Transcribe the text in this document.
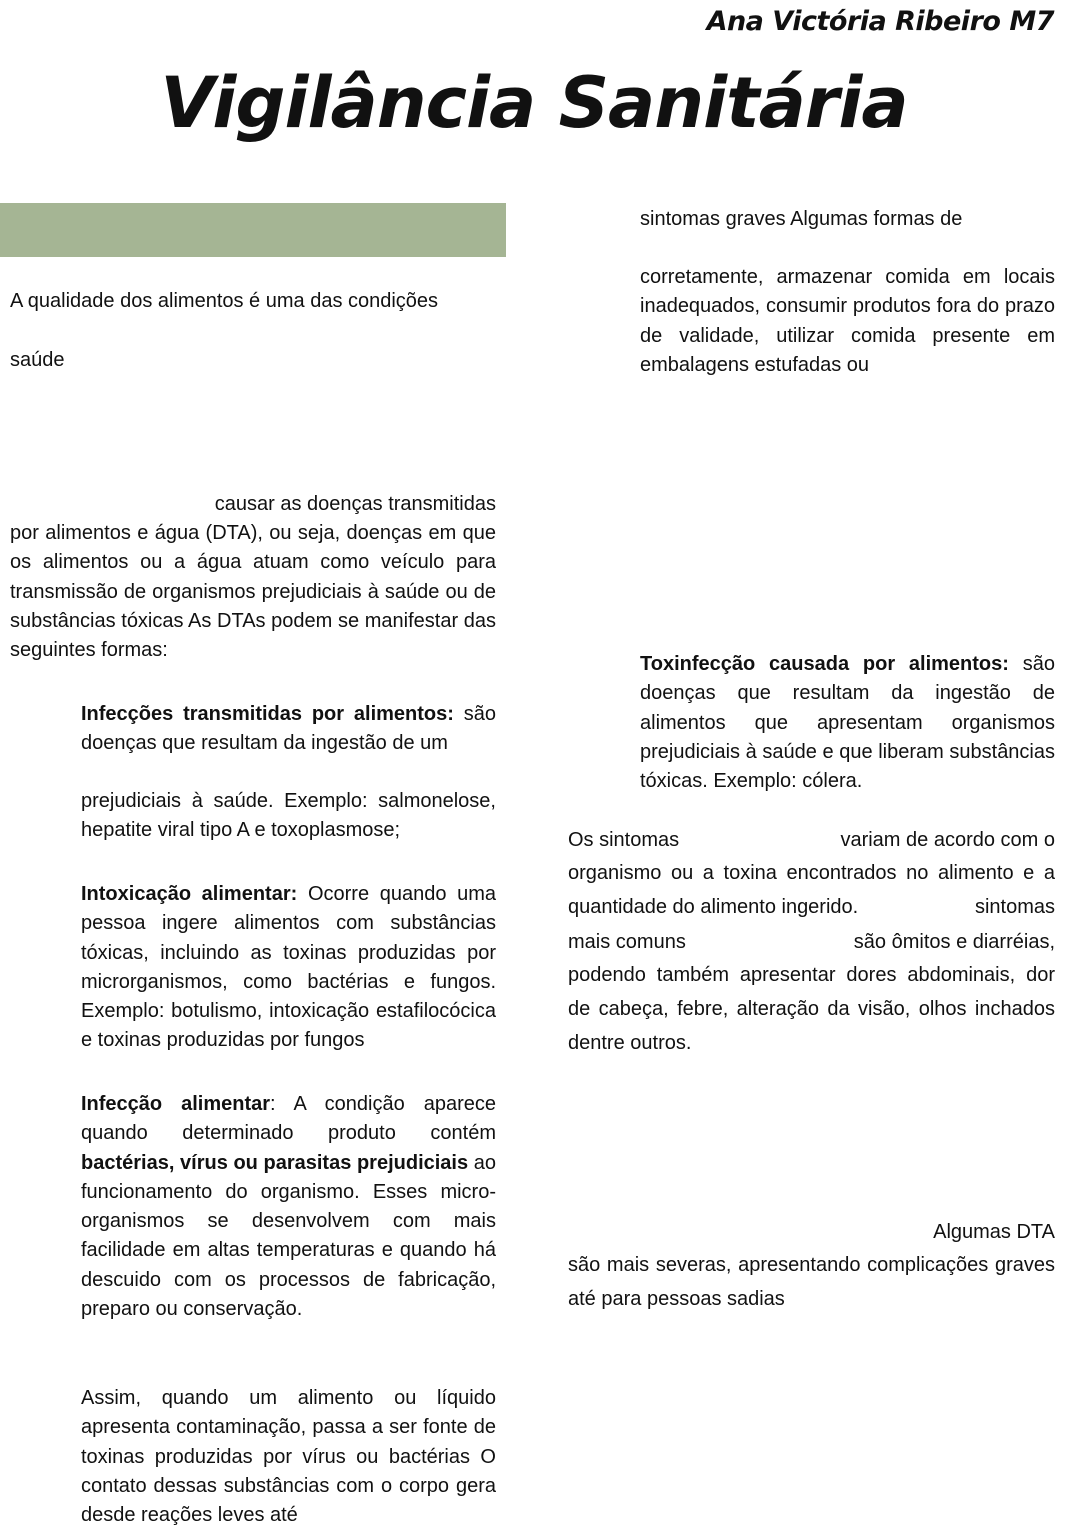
Ana Victória Ribeiro M7
Vigilância Sanitária

A qualidade dos alimentos é uma das condições

saúde

causar as doenças transmitidas

por alimentos e água (DTA), ou seja, doenças em que os alimentos ou a água atuam como veículo para transmissão de organismos prejudiciais à saúde ou de substâncias tóxicas As DTAs podem se manifestar das seguintes formas:

Infecções transmitidas por alimentos: são doenças que resultam da ingestão de um

prejudiciais à saúde. Exemplo: salmonelose, hepatite viral tipo A e toxoplasmose;

Intoxicação alimentar: Ocorre quando uma pessoa ingere alimentos com substâncias tóxicas, incluindo as toxinas produzidas por microrganismos, como bactérias e fungos. Exemplo: botulismo, intoxicação estafilocócica e toxinas produzidas por fungos

Infecção alimentar: A condição aparece quando determinado produto contém bactérias, vírus ou parasitas prejudiciais ao funcionamento do organismo. Esses micro-organismos se desenvolvem com mais facilidade em altas temperaturas e quando há descuido com os processos de fabricação, preparo ou conservação.

Assim, quando um alimento ou líquido apresenta contaminação, passa a ser fonte de toxinas produzidas por vírus ou bactérias O contato dessas substâncias com o corpo gera desde reações leves até

sintomas graves Algumas formas de

corretamente, armazenar comida em locais inadequados, consumir produtos fora do prazo de validade, utilizar comida presente em embalagens estufadas ou

Toxinfecção causada por alimentos: são doenças que resultam da ingestão de alimentos que apresentam organismos prejudiciais à saúde e que liberam substâncias tóxicas. Exemplo: cólera.

Os sintomas	variam de acordo com o

organismo ou a toxina encontrados no alimento e a quantidade do alimento ingerido.	sintomas

mais comuns	são ômitos e diarréias,

podendo também apresentar dores abdominais, dor de cabeça, febre, alteração da visão, olhos inchados dentre outros.

Algumas DTA

são mais severas, apresentando complicações graves até para pessoas sadias
